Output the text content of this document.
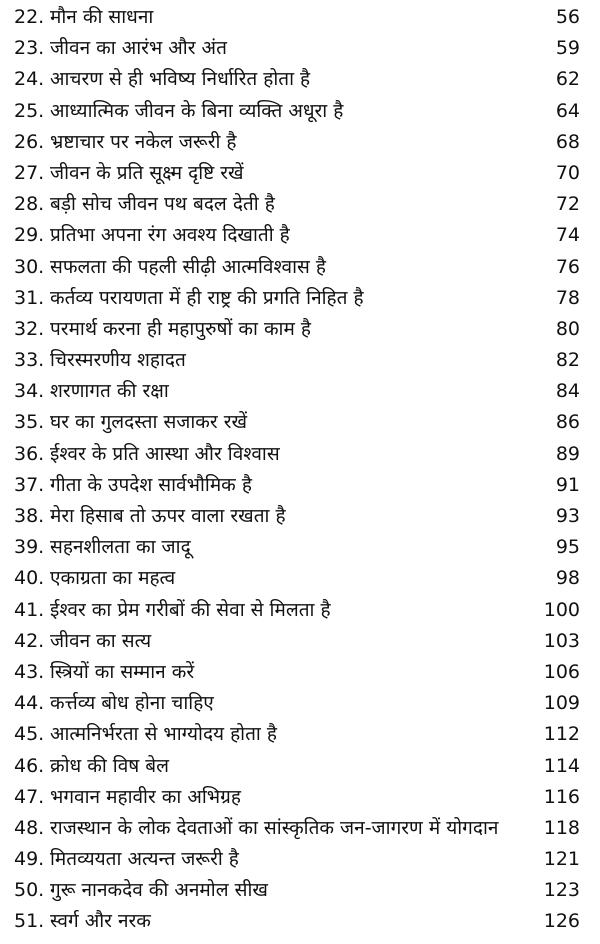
22. मौन की साधना	56
23. जीवन का आरंभ और अंत	59
24. आचरण से ही भविष्य निर्धारित होता है	62
25. आध्यात्मिक जीवन के बिना व्यक्ति अधूरा है	64
26. भ्रष्टाचार पर नकेल जरूरी है	68
27. जीवन के प्रति सूक्ष्म दृष्टि रखें	70
28. बड़ी सोच जीवन पथ बदल देती है	72
29. प्रतिभा अपना रंग अवश्य दिखाती है	74
30. सफलता की पहली सीढ़ी आत्मविश्वास है	76
31. कर्तव्य परायणता में ही राष्ट्र की प्रगति निहित है	78
32. परमार्थ करना ही महापुरुषों का काम है	80
33. चिरस्मरणीय शहादत	82
34. शरणागत की रक्षा	84
35. घर का गुलदस्ता सजाकर रखें	86
36. ईश्वर के प्रति आस्था और विश्वास	89
37. गीता के उपदेश सार्वभौमिक है	91
38. मेरा हिसाब तो ऊपर वाला रखता है	93
39. सहनशीलता का जादू	95
40. एकाग्रता का महत्व	98
41. ईश्वर का प्रेम गरीबों की सेवा से मिलता है	100
42. जीवन का सत्य	103
43. स्त्रियों का सम्मान करें	106
44. कर्त्तव्य बोध होना चाहिए	109
45. आत्मनिर्भरता से भाग्योदय होता है	112
46. क्रोध की विष बेल	114
47. भगवान महावीर का अभिग्रह	116
48. राजस्थान के लोक देवताओं का सांस्कृतिक जन-जागरण में योगदान 118
49. मितव्ययता अत्यन्त जरूरी है	121
50. गुरू नानकदेव की अनमोल सीख	123
51. स्वर्ग और नरक	126
